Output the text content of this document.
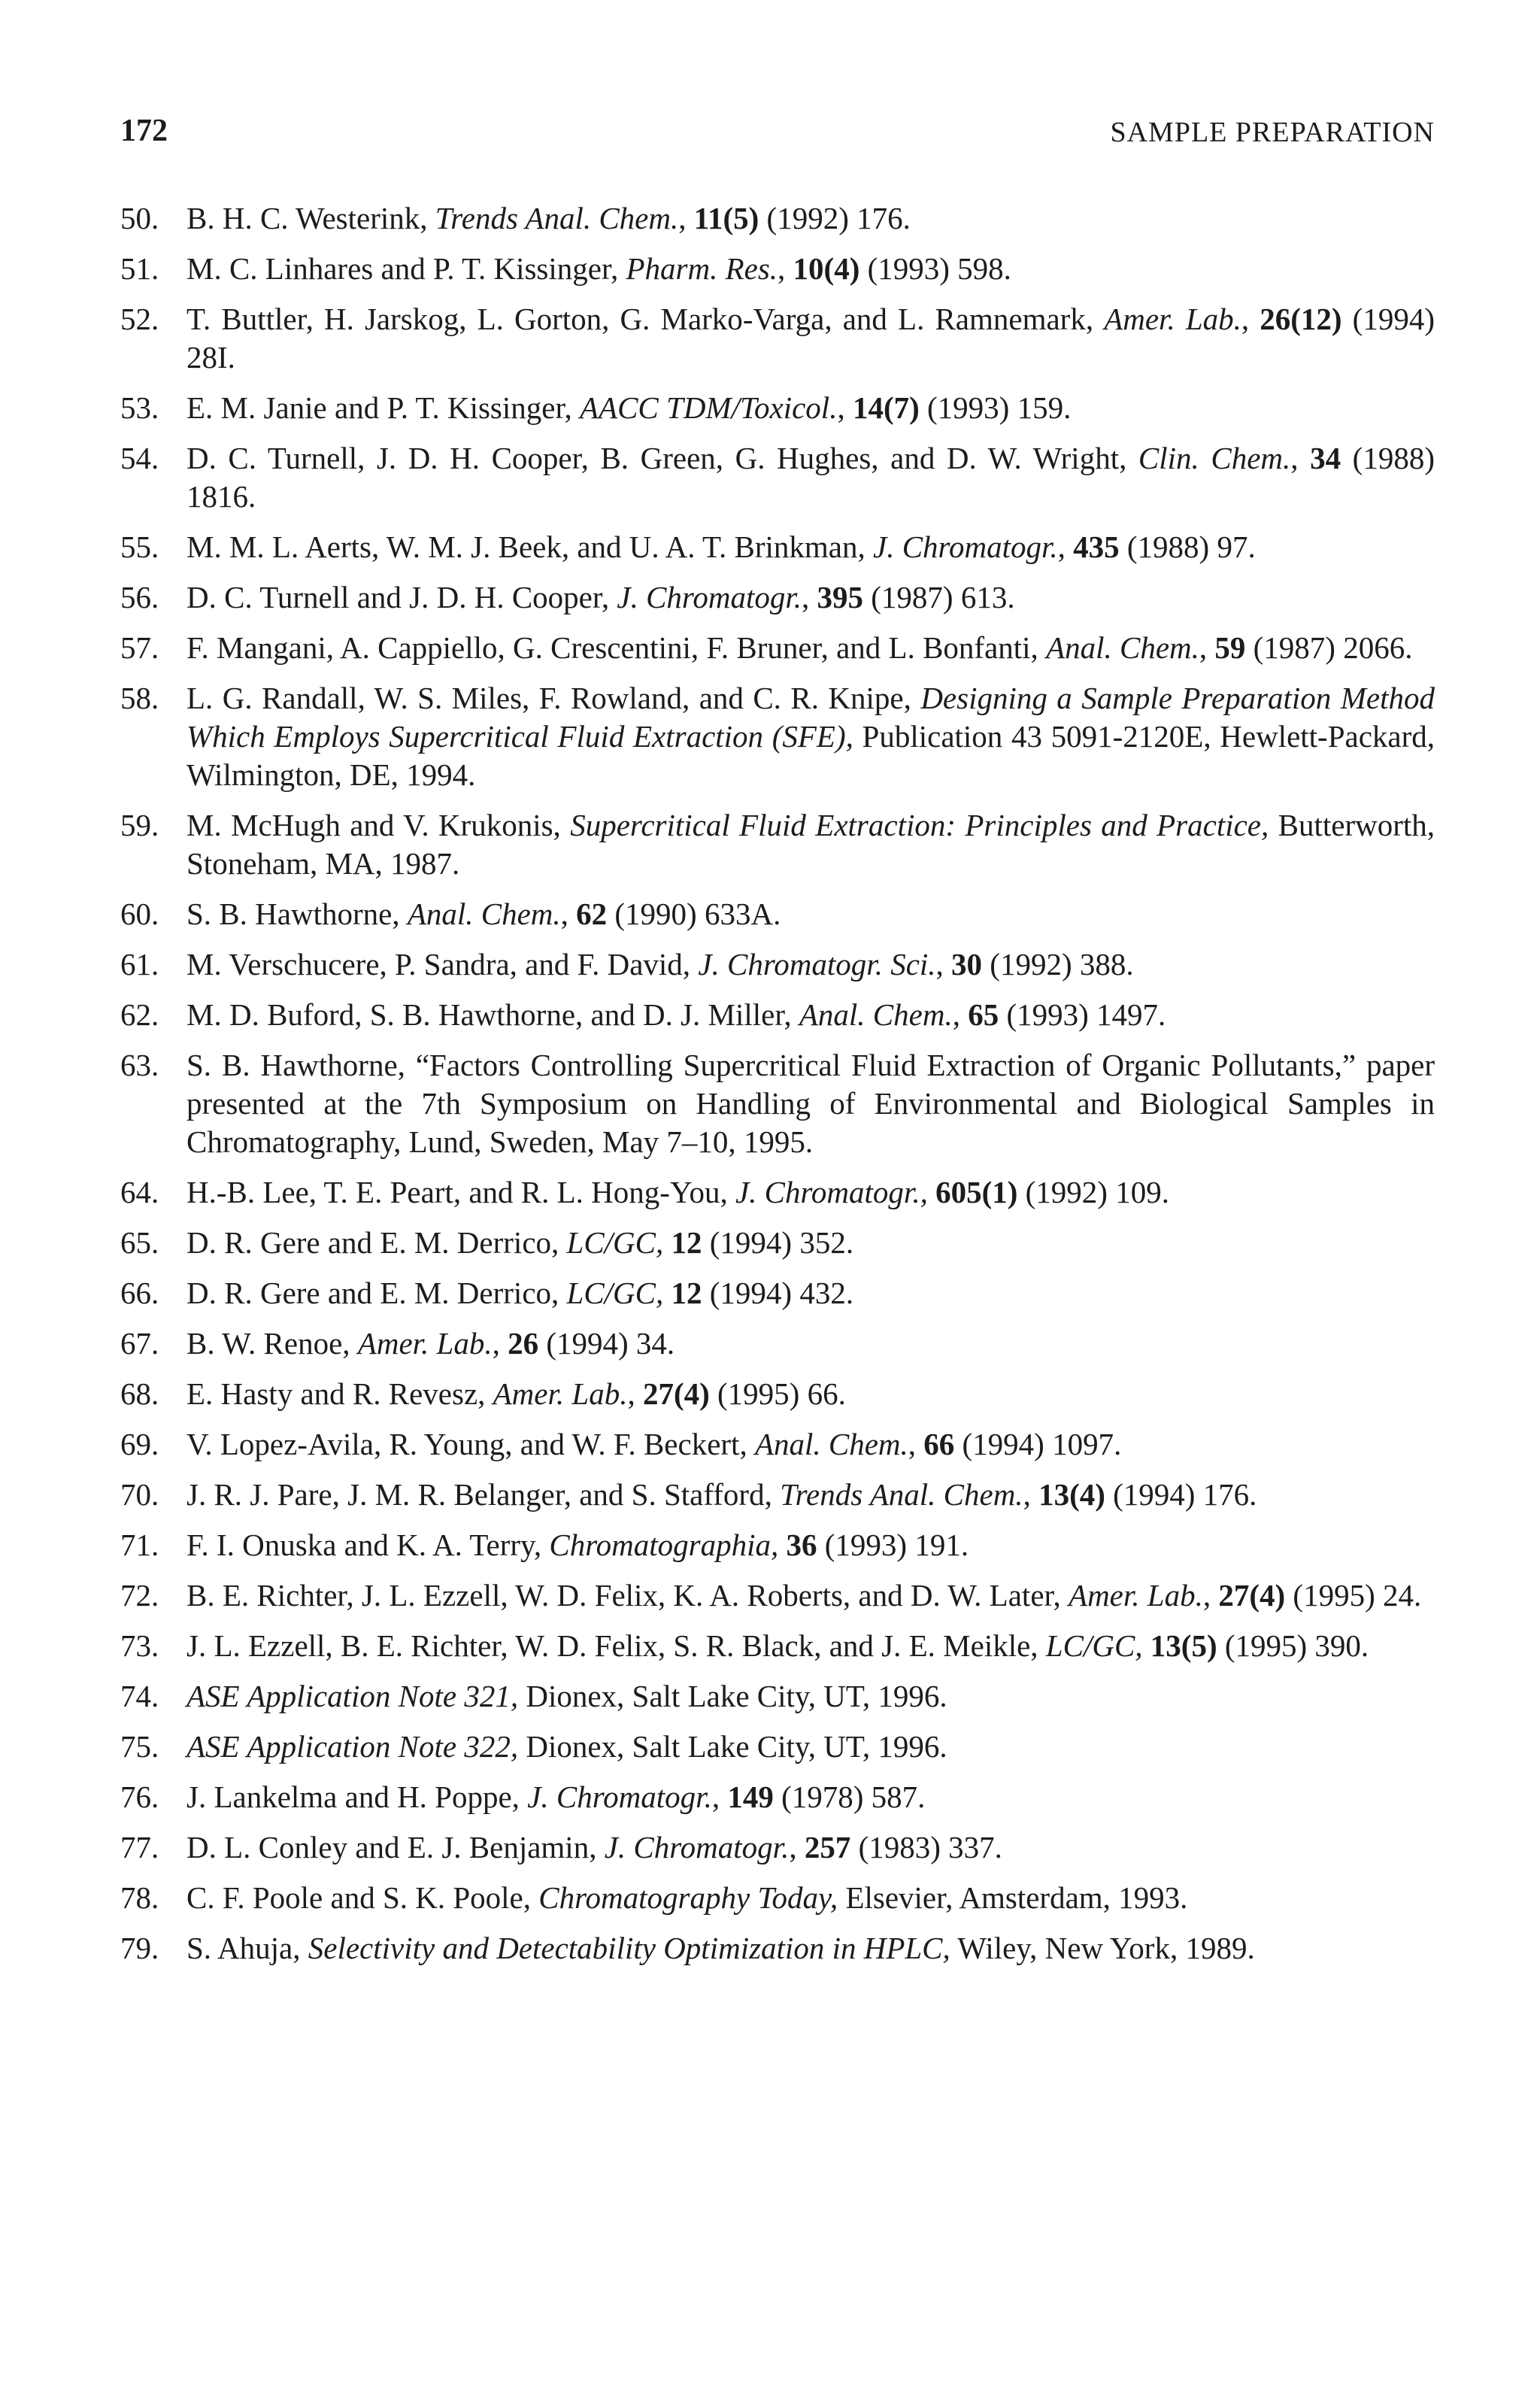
172	SAMPLE PREPARATION
50. B. H. C. Westerink, Trends Anal. Chem., 11(5) (1992) 176.
51. M. C. Linhares and P. T. Kissinger, Pharm. Res., 10(4) (1993) 598.
52. T. Buttler, H. Jarskog, L. Gorton, G. Marko-Varga, and L. Ramnemark, Amer. Lab., 26(12) (1994) 28I.
53. E. M. Janie and P. T. Kissinger, AACC TDM/Toxicol., 14(7) (1993) 159.
54. D. C. Turnell, J. D. H. Cooper, B. Green, G. Hughes, and D. W. Wright, Clin. Chem., 34 (1988) 1816.
55. M. M. L. Aerts, W. M. J. Beek, and U. A. T. Brinkman, J. Chromatogr., 435 (1988) 97.
56. D. C. Turnell and J. D. H. Cooper, J. Chromatogr., 395 (1987) 613.
57. F. Mangani, A. Cappiello, G. Crescentini, F. Bruner, and L. Bonfanti, Anal. Chem., 59 (1987) 2066.
58. L. G. Randall, W. S. Miles, F. Rowland, and C. R. Knipe, Designing a Sample Preparation Method Which Employs Supercritical Fluid Extraction (SFE), Publication 43 5091-2120E, Hewlett-Packard, Wilmington, DE, 1994.
59. M. McHugh and V. Krukonis, Supercritical Fluid Extraction: Principles and Practice, Butterworth, Stoneham, MA, 1987.
60. S. B. Hawthorne, Anal. Chem., 62 (1990) 633A.
61. M. Verschucere, P. Sandra, and F. David, J. Chromatogr. Sci., 30 (1992) 388.
62. M. D. Buford, S. B. Hawthorne, and D. J. Miller, Anal. Chem., 65 (1993) 1497.
63. S. B. Hawthorne, “Factors Controlling Supercritical Fluid Extraction of Organic Pollutants,” paper presented at the 7th Symposium on Handling of Environmental and Biological Samples in Chromatography, Lund, Sweden, May 7–10, 1995.
64. H.-B. Lee, T. E. Peart, and R. L. Hong-You, J. Chromatogr., 605(1) (1992) 109.
65. D. R. Gere and E. M. Derrico, LC/GC, 12 (1994) 352.
66. D. R. Gere and E. M. Derrico, LC/GC, 12 (1994) 432.
67. B. W. Renoe, Amer. Lab., 26 (1994) 34.
68. E. Hasty and R. Revesz, Amer. Lab., 27(4) (1995) 66.
69. V. Lopez-Avila, R. Young, and W. F. Beckert, Anal. Chem., 66 (1994) 1097.
70. J. R. J. Pare, J. M. R. Belanger, and S. Stafford, Trends Anal. Chem., 13(4) (1994) 176.
71. F. I. Onuska and K. A. Terry, Chromatographia, 36 (1993) 191.
72. B. E. Richter, J. L. Ezzell, W. D. Felix, K. A. Roberts, and D. W. Later, Amer. Lab., 27(4) (1995) 24.
73. J. L. Ezzell, B. E. Richter, W. D. Felix, S. R. Black, and J. E. Meikle, LC/GC, 13(5) (1995) 390.
74. ASE Application Note 321, Dionex, Salt Lake City, UT, 1996.
75. ASE Application Note 322, Dionex, Salt Lake City, UT, 1996.
76. J. Lankelma and H. Poppe, J. Chromatogr., 149 (1978) 587.
77. D. L. Conley and E. J. Benjamin, J. Chromatogr., 257 (1983) 337.
78. C. F. Poole and S. K. Poole, Chromatography Today, Elsevier, Amsterdam, 1993.
79. S. Ahuja, Selectivity and Detectability Optimization in HPLC, Wiley, New York, 1989.
